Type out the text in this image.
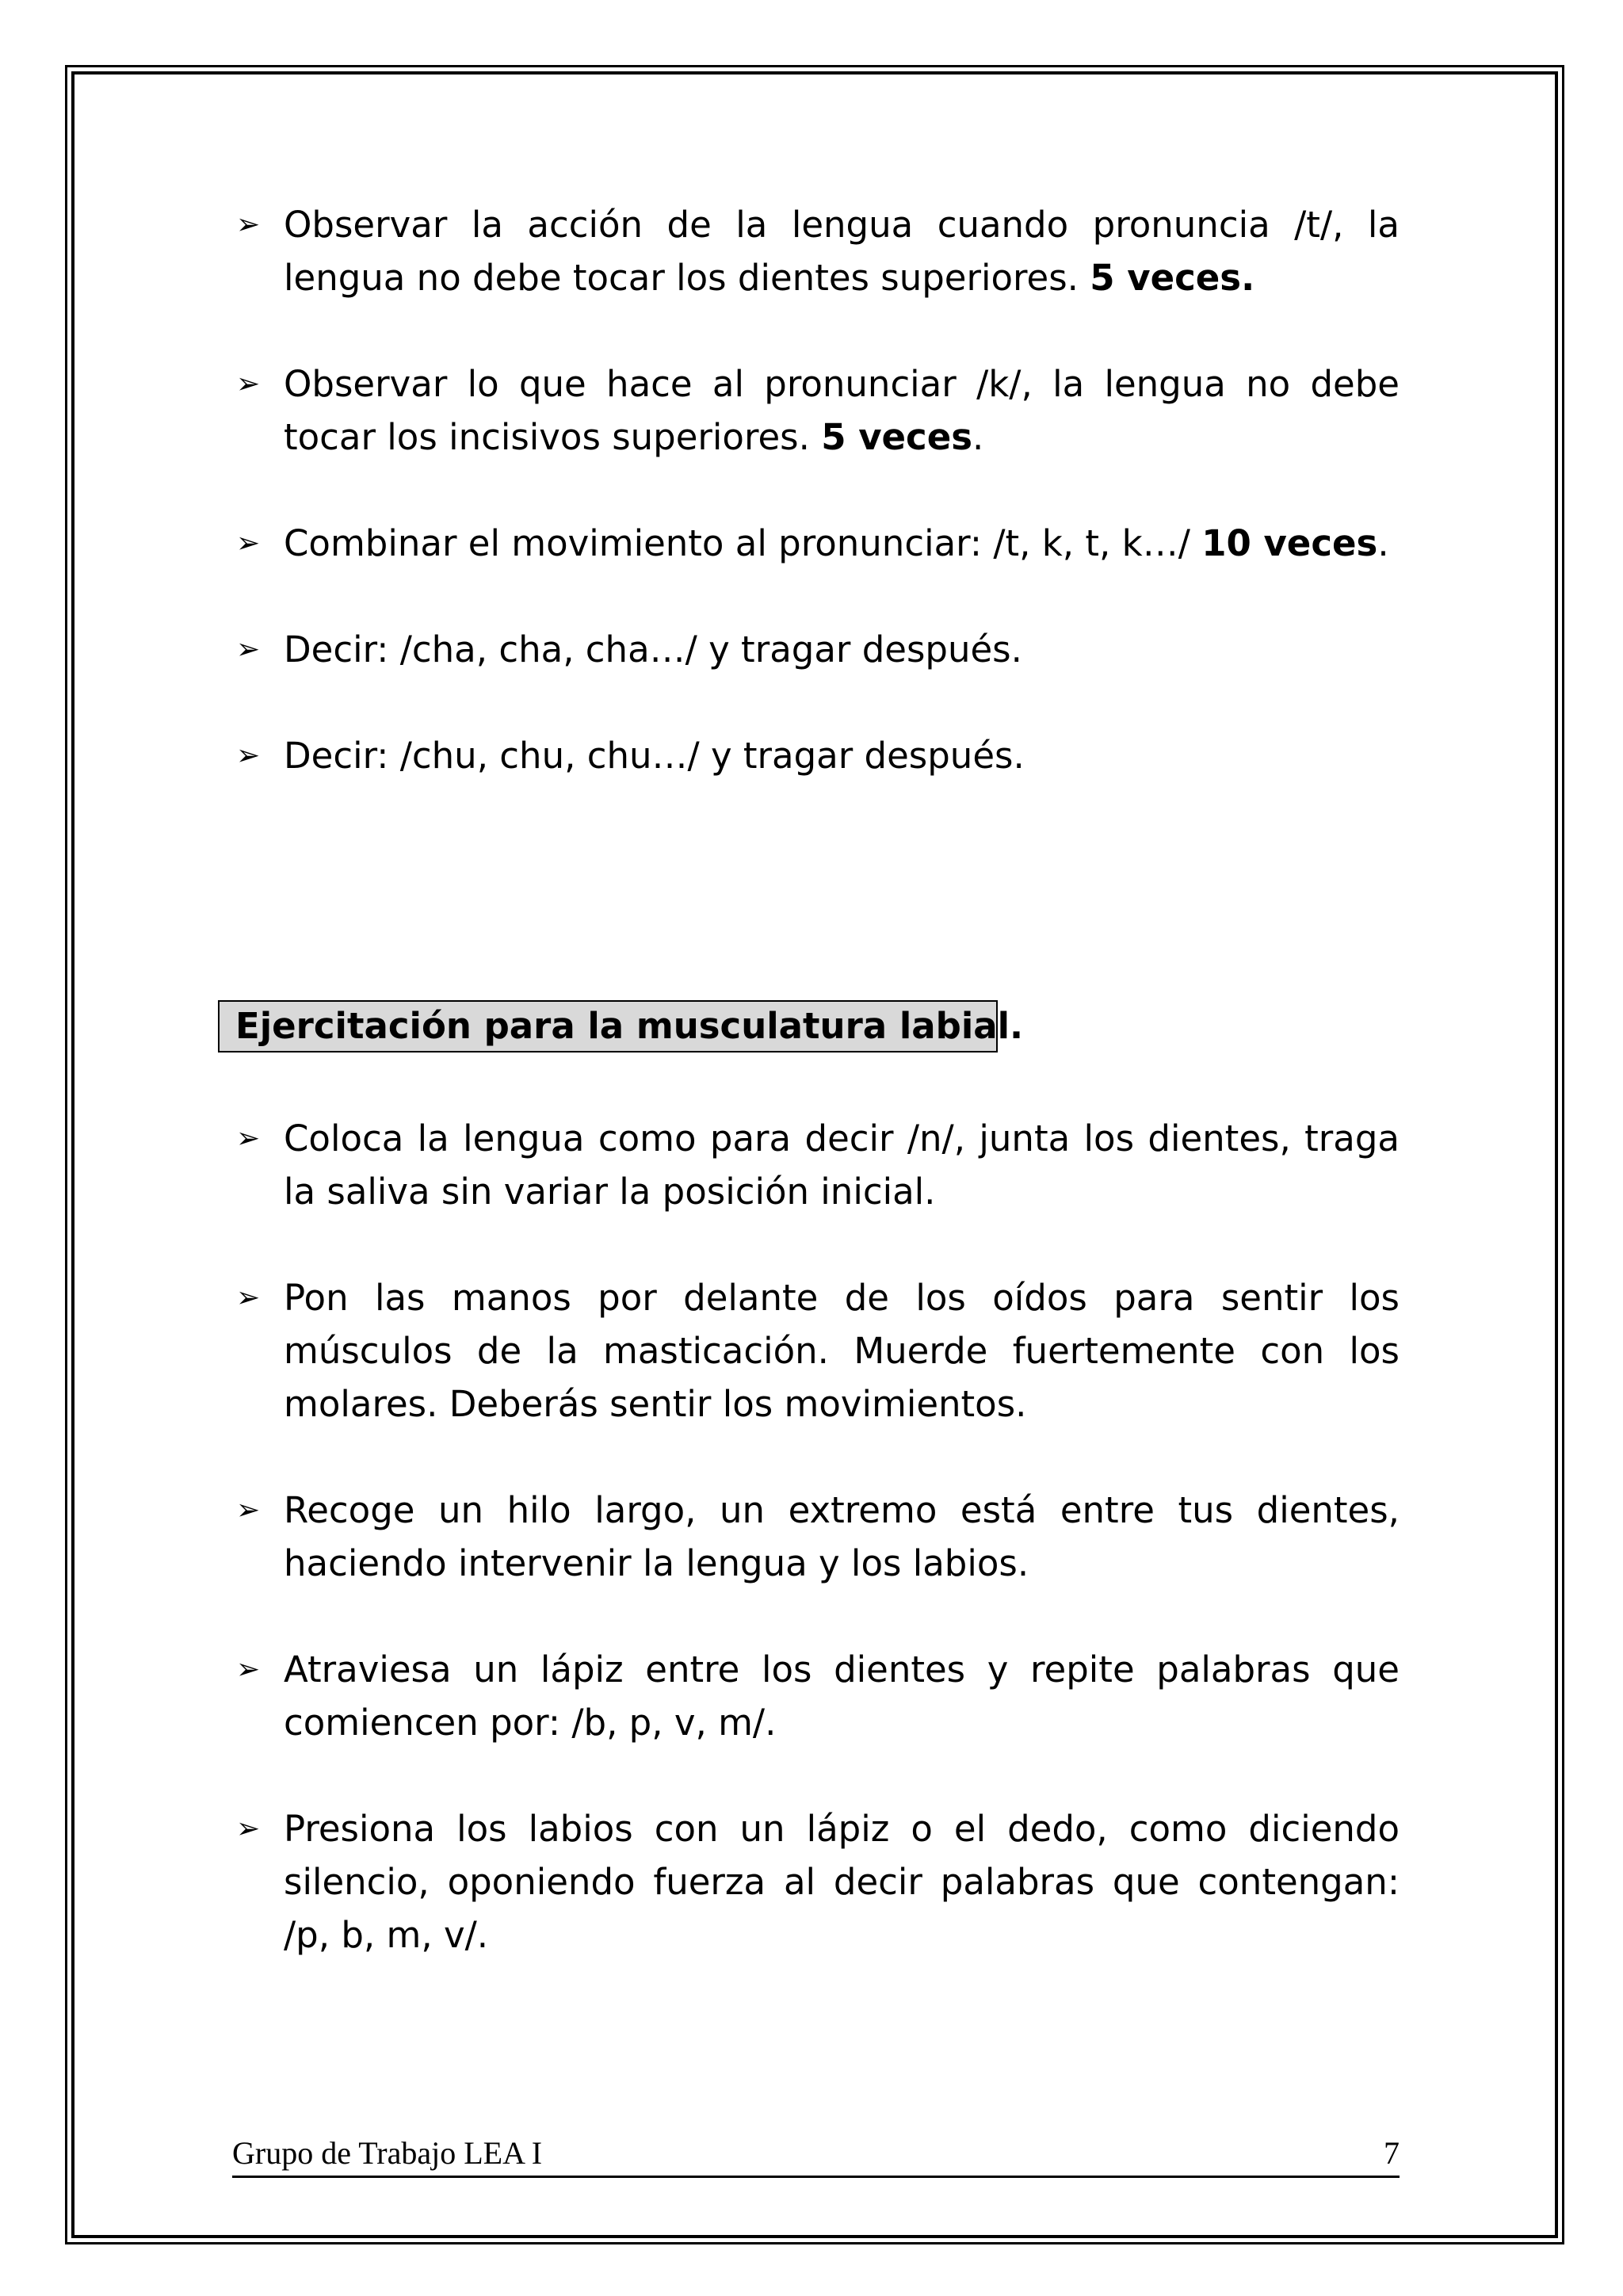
➢ Observar la acción de la lengua cuando pronuncia /t/, la lengua no debe tocar los dientes superiores. 5 veces.
➢ Observar lo que hace al pronunciar /k/, la lengua no debe tocar los incisivos superiores. 5 veces.
➢ Combinar el movimiento al pronunciar: /t, k, t, k…/ 10 veces.
➢ Decir: /cha, cha, cha…/ y tragar después.
➢ Decir: /chu, chu, chu…/ y tragar después.
Ejercitación para la musculatura labial.
➢ Coloca la lengua como para decir /n/, junta los dientes, traga la saliva sin variar la posición inicial.
➢ Pon las manos por delante de los oídos para sentir los músculos de la masticación. Muerde fuertemente con los molares. Deberás sentir los movimientos.
➢ Recoge un hilo largo, un extremo está entre tus dientes, haciendo intervenir la lengua y los labios.
➢ Atraviesa un lápiz entre los dientes y repite palabras que comiencen por: /b, p, v, m/.
➢ Presiona los labios con un lápiz o el dedo, como diciendo silencio, oponiendo fuerza al decir palabras que contengan: /p, b, m, v/.
Grupo de Trabajo LEA I	7
